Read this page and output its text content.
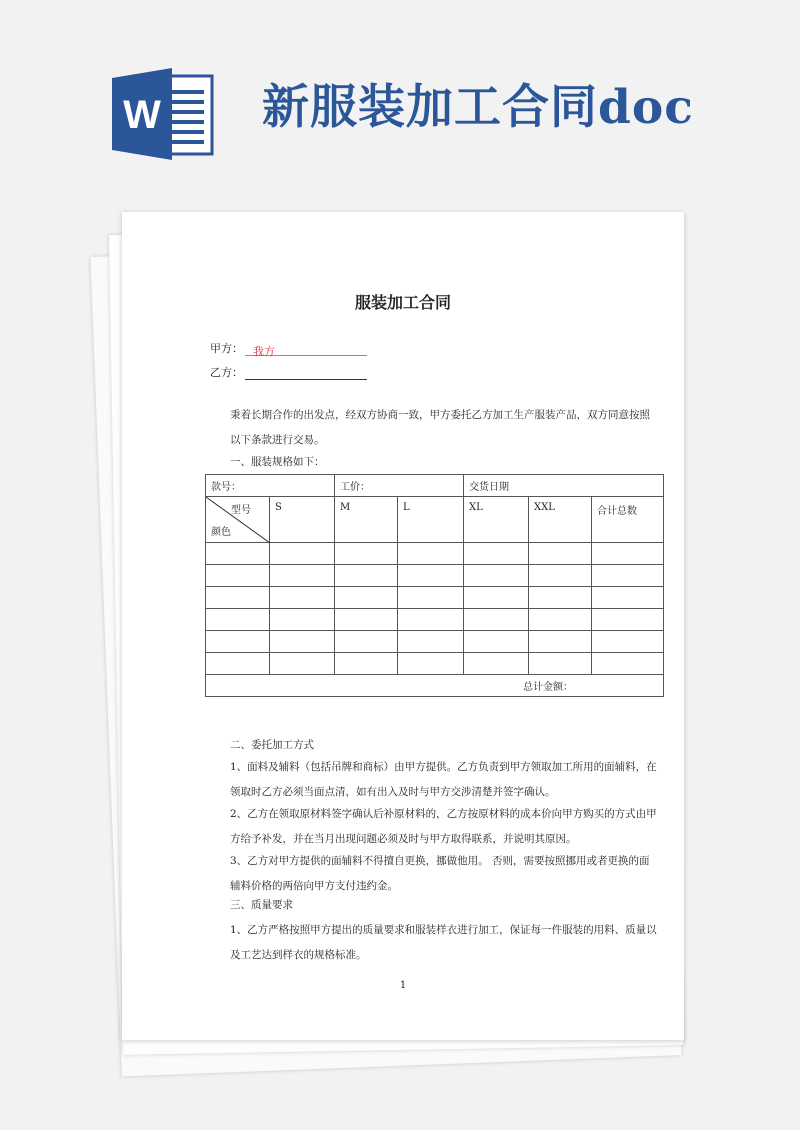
W 新服装加工合同doc
服装加工合同
甲方： 我方
乙方：
秉着长期合作的出发点，经双方协商一致，甲方委托乙方加工生产服装产品，双方同意按照以下条款进行交易。
一、服装规格如下：
款号：		工价：		交货日期		

型号
颜色	S	M	L	XL	XXL	合计总数

总计金额：						
二、委托加工方式
1、面料及辅料（包括吊牌和商标）由甲方提供。乙方负责到甲方领取加工所用的面辅料，在领取时乙方必须当面点清，如有出入及时与甲方交涉清楚并签字确认。
2、乙方在领取原材料签字确认后补原材料的，乙方按原材料的成本价向甲方购买的方式由甲方给予补发，并在当月出现问题必须及时与甲方取得联系，并说明其原因。
3、乙方对甲方提供的面辅料不得擅自更换，挪做他用。 否则，需要按照挪用或者更换的面辅料价格的两倍向甲方支付违约金。
三、质量要求
1、乙方严格按照甲方提出的质量要求和服装样衣进行加工，保证每一件服装的用料、质量以及工艺达到样衣的规格标准。
1
